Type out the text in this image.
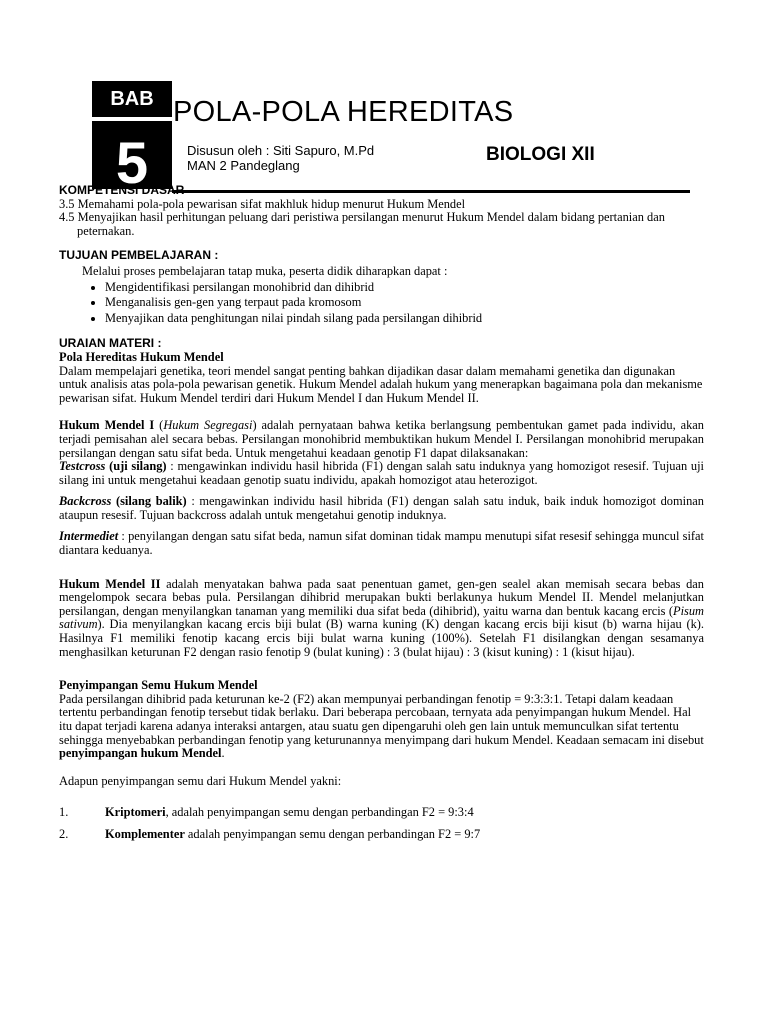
BAB
5
POLA-POLA HEREDITAS
Disusun oleh : Siti Sapuro, M.Pd
MAN 2 Pandeglang
BIOLOGI XII
KOMPETENSI DASAR

3.5 Memahami pola-pola pewarisan sifat makhluk hidup menurut Hukum Mendel

4.5 Menyajikan hasil perhitungan peluang dari peristiwa persilangan menurut Hukum Mendel dalam bidang pertanian dan

peternakan.

TUJUAN PEMBELAJARAN :

Melalui proses pembelajaran tatap muka, peserta didik diharapkan dapat :

• Mengidentifikasi persilangan monohibrid dan dihibrid
• Menganalisis gen-gen yang terpaut pada kromosom
• Menyajikan data penghitungan nilai pindah silang pada persilangan dihibrid
URAIAN MATERI :

Pola Hereditas Hukum Mendel

Dalam mempelajari genetika, teori mendel sangat penting bahkan dijadikan dasar dalam memahami genetika dan digunakan untuk analisis atas pola-pola pewarisan genetik. Hukum Mendel adalah hukum yang menerapkan bagaimana pola dan mekanisme pewarisan sifat. Hukum Mendel terdiri dari Hukum Mendel I dan Hukum Mendel II.

Hukum Mendel I (Hukum Segregasi) adalah pernyataan bahwa ketika berlangsung pembentukan gamet pada individu, akan terjadi pemisahan alel secara bebas. Persilangan monohibrid membuktikan hukum Mendel I. Persilangan monohibrid merupakan persilangan dengan satu sifat beda. Untuk mengetahui keadaan genotip F1 dapat dilaksanakan:

Testcross (uji silang) : mengawinkan individu hasil hibrida (F1) dengan salah satu induknya yang homozigot resesif. Tujuan uji silang ini untuk mengetahui keadaan genotip suatu individu, apakah homozigot atau heterozigot.

Backcross (silang balik) : mengawinkan individu hasil hibrida (F1) dengan salah satu induk, baik induk homozigot dominan ataupun resesif. Tujuan backcross adalah untuk mengetahui genotip induknya.

Intermediet : penyilangan dengan satu sifat beda, namun sifat dominan tidak mampu menutupi sifat resesif sehingga muncul sifat diantara keduanya.

Hukum Mendel II adalah menyatakan bahwa pada saat penentuan gamet, gen-gen sealel akan memisah secara bebas dan mengelompok secara bebas pula. Persilangan dihibrid merupakan bukti berlakunya hukum Mendel II. Mendel melanjutkan persilangan, dengan menyilangkan tanaman yang memiliki dua sifat beda (dihibrid), yaitu warna dan bentuk kacang ercis (Pisum sativum). Dia menyilangkan kacang ercis biji bulat (B) warna kuning (K) dengan kacang ercis biji kisut (b) warna hijau (k). Hasilnya F1 memiliki fenotip kacang ercis biji bulat warna kuning (100%). Setelah F1 disilangkan dengan sesamanya menghasilkan keturunan F2 dengan rasio fenotip 9 (bulat kuning) : 3 (bulat hijau) : 3 (kisut kuning) : 1 (kisut hijau).

Penyimpangan Semu Hukum Mendel

Pada persilangan dihibrid pada keturunan ke-2 (F2) akan mempunyai perbandingan fenotip = 9:3:3:1. Tetapi dalam keadaan tertentu perbandingan fenotip tersebut tidak berlaku. Dari beberapa percobaan, ternyata ada penyimpangan hukum Mendel. Hal itu dapat terjadi karena adanya interaksi antargen, atau suatu gen dipengaruhi oleh gen lain untuk memunculkan sifat tertentu sehingga menyebabkan perbandingan fenotip yang keturunannya menyimpang dari hukum Mendel. Keadaan semacam ini disebut penyimpangan hukum Mendel.

Adapun penyimpangan semu dari Hukum Mendel yakni:

1.	Kriptomeri, adalah penyimpangan semu dengan perbandingan F2 = 9:3:4
2.	Komplementer adalah penyimpangan semu dengan perbandingan F2 = 9:7
